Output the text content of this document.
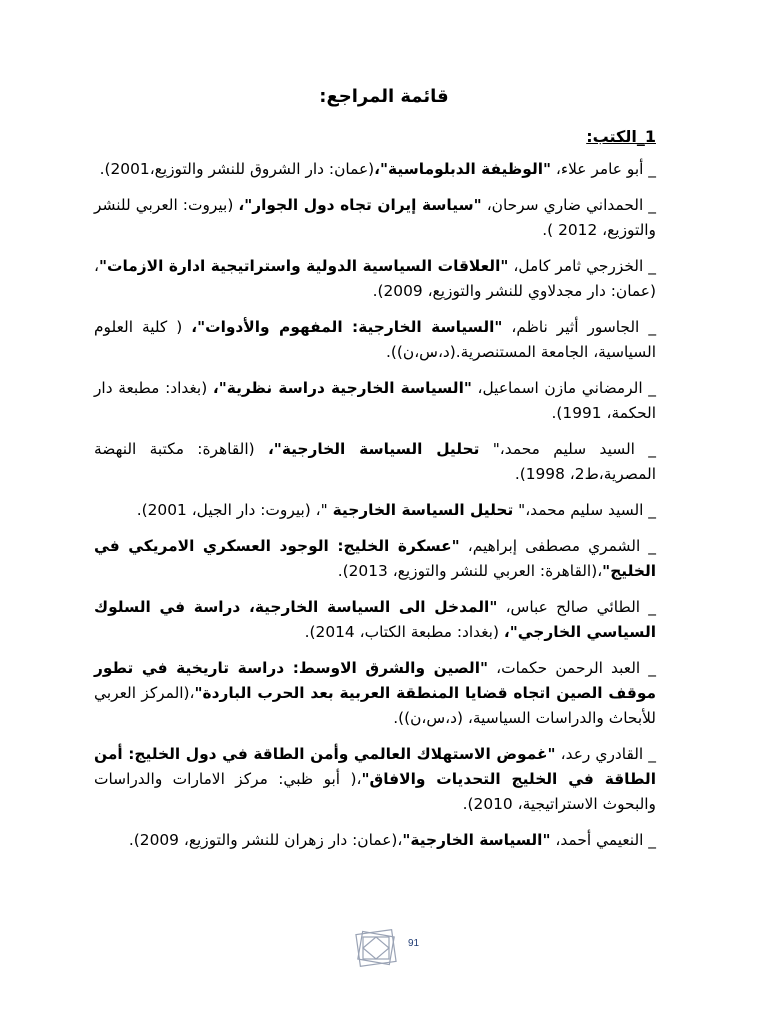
قائمة المراجع:
1_الكتب:
_ أبو عامر علاء، "الوظيفة الدبلوماسية"،(عمان: دار الشروق للنشر والتوزيع،2001).
_ الحمداني ضاري سرحان، "سياسة إيران تجاه دول الجوار"، (بيروت: العربي للنشر والتوزيع، 2012 ).
_ الخزرجي ثامر كامل، "العلاقات السياسية الدولية واستراتيجية ادارة الازمات"،(عمان: دار مجدلاوي للنشر والتوزيع، 2009).
_ الجاسور أثير ناظم، "السياسة الخارجية: المفهوم والأدوات"، ( كلية العلوم السياسية، الجامعة المستنصرية.(د،س،ن)).
_ الرمضاني مازن اسماعيل، "السياسة الخارجية دراسة نظرية"، (بغداد: مطبعة دار الحكمة، 1991).
_ السيد سليم محمد،" تحليل السياسة الخارجية"، (القاهرة: مكتبة النهضة المصرية،ط2، 1998).
_ السيد سليم محمد،" تحليل السياسة الخارجية "، (بيروت: دار الجيل، 2001).
_ الشمري مصطفى إبراهيم، "عسكرة الخليج: الوجود العسكري الامريكي في الخليج"،(القاهرة: العربي للنشر والتوزيع، 2013).
_ الطائي صالح عباس، "المدخل الى السياسة الخارجية، دراسة في السلوك السياسي الخارجي"، (بغداد: مطبعة الكتاب، 2014).
_ العبد الرحمن حكمات، "الصين والشرق الاوسط: دراسة تاريخية في تطور موقف الصين اتجاه قضايا المنطقة العربية بعد الحرب الباردة"،(المركز العربي للأبحاث والدراسات السياسية، (د،س،ن)).
_ القادري رعد، "غموض الاستهلاك العالمي وأمن الطاقة في دول الخليج: أمن الطاقة في الخليج التحديات والافاق"،( أبو ظبي: مركز الامارات والدراسات والبحوث الاستراتيجية، 2010).
_ النعيمي أحمد، "السياسة الخارجية"،(عمان: دار زهران للنشر والتوزيع، 2009).
91
